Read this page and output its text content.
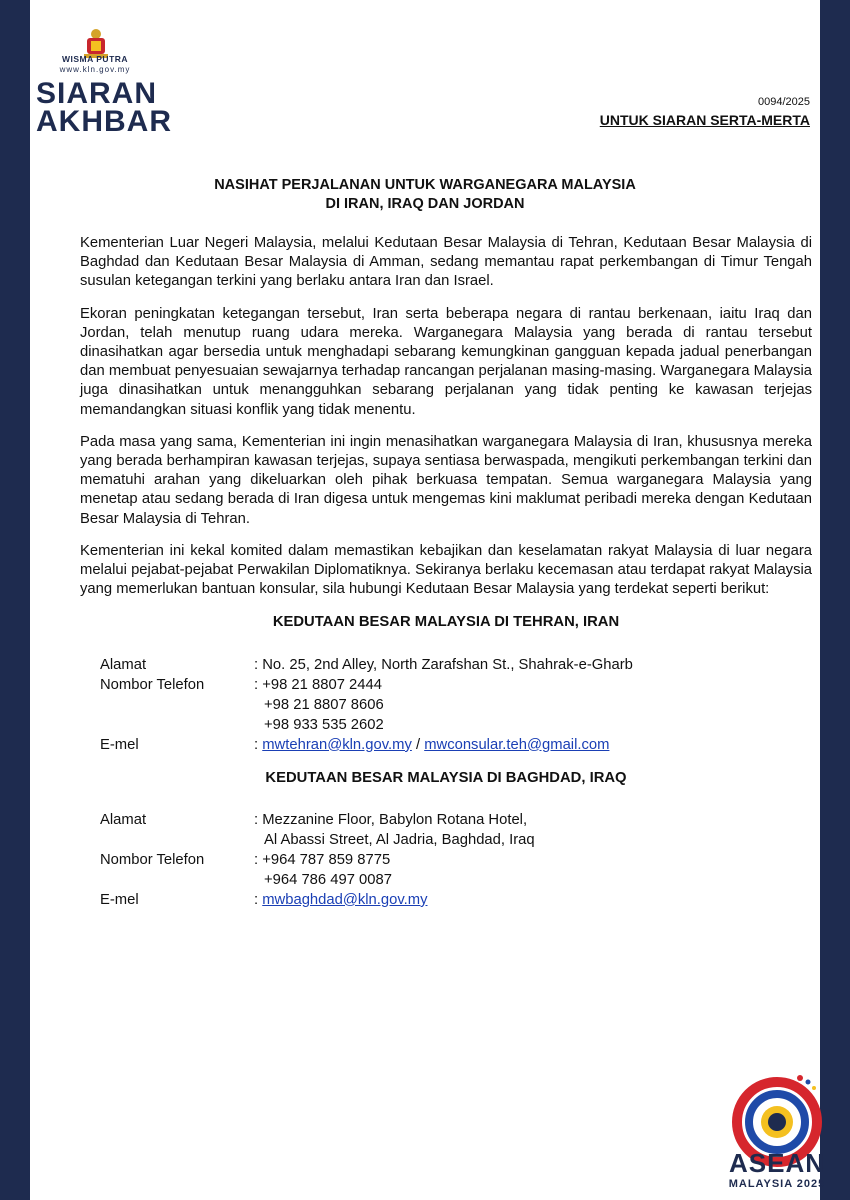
WISMA PUTRA
www.kln.gov.my
SIARAN
AKHBAR
0094/2025
UNTUK SIARAN SERTA-MERTA
NASIHAT PERJALANAN UNTUK WARGANEGARA MALAYSIA
DI IRAN, IRAQ DAN JORDAN

Kementerian Luar Negeri Malaysia, melalui Kedutaan Besar Malaysia di Tehran, Kedutaan Besar Malaysia di Baghdad dan Kedutaan Besar Malaysia di Amman, sedang memantau rapat perkembangan di Timur Tengah susulan ketegangan terkini yang berlaku antara Iran dan Israel.

Ekoran peningkatan ketegangan tersebut, Iran serta beberapa negara di rantau berkenaan, iaitu Iraq dan Jordan, telah menutup ruang udara mereka. Warganegara Malaysia yang berada di rantau tersebut dinasihatkan agar bersedia untuk menghadapi sebarang kemungkinan gangguan kepada jadual penerbangan dan membuat penyesuaian sewajarnya terhadap rancangan perjalanan masing-masing. Warganegara Malaysia juga dinasihatkan untuk menangguhkan sebarang perjalanan yang tidak penting ke kawasan terjejas memandangkan situasi konflik yang tidak menentu.

Pada masa yang sama, Kementerian ini ingin menasihatkan warganegara Malaysia di Iran, khususnya mereka yang berada berhampiran kawasan terjejas, supaya sentiasa berwaspada, mengikuti perkembangan terkini dan mematuhi arahan yang dikeluarkan oleh pihak berkuasa tempatan. Semua warganegara Malaysia yang menetap atau sedang berada di Iran digesa untuk mengemas kini maklumat peribadi mereka dengan Kedutaan Besar Malaysia di Tehran.

Kementerian ini kekal komited dalam memastikan kebajikan dan keselamatan rakyat Malaysia di luar negara melalui pejabat-pejabat Perwakilan Diplomatiknya. Sekiranya berlaku kecemasan atau terdapat rakyat Malaysia yang memerlukan bantuan konsular, sila hubungi Kedutaan Besar Malaysia yang terdekat seperti berikut:

KEDUTAAN BESAR MALAYSIA DI TEHRAN, IRAN
Alamat	: No. 25, 2nd Alley, North Zarafshan St., Shahrak-e-Gharb
Nombor Telefon	: +98 21 8807 2444
+98 21 8807 8606
+98 933 535 2602
E-mel	: mwtehran@kln.gov.my / mwconsular.teh@gmail.com
KEDUTAAN BESAR MALAYSIA DI BAGHDAD, IRAQ
Alamat	: Mezzanine Floor, Babylon Rotana Hotel,
Al Abassi Street, Al Jadria, Baghdad, Iraq
Nombor Telefon	: +964 787 859 8775
+964 786 497 0087
E-mel	: mwbaghdad@kln.gov.my
ASEAN
MALAYSIA 2025
